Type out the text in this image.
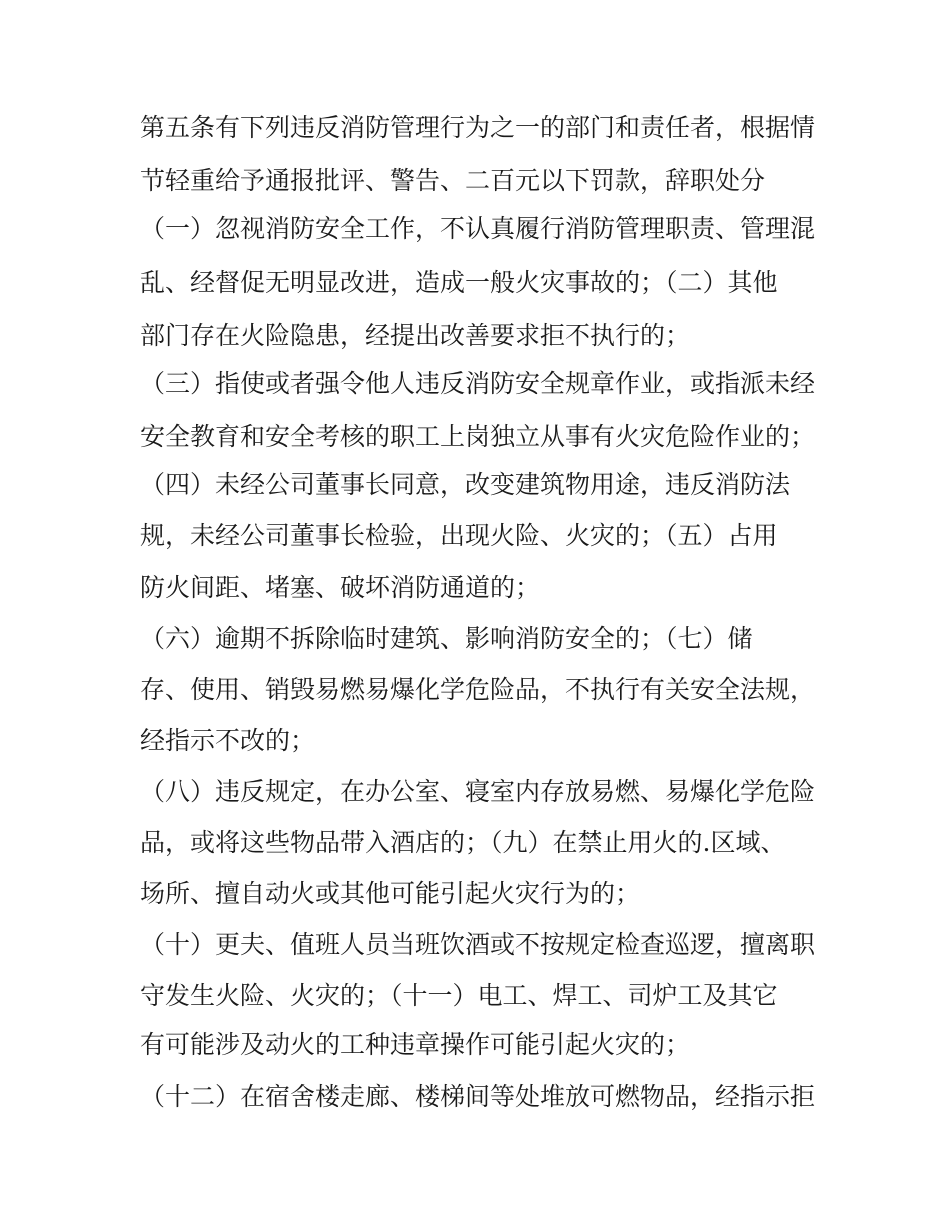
第五条有下列违反消防管理行为之一的部门和责任者，根据情
节轻重给予通报批评、警告、二百元以下罚款，辞职处分
（一）忽视消防安全工作，不认真履行消防管理职责、管理混
乱、经督促无明显改进，造成一般火灾事故的；（二）其他
部门存在火险隐患，经提出改善要求拒不执行的；
（三）指使或者强令他人违反消防安全规章作业，或指派未经
安全教育和安全考核的职工上岗独立从事有火灾危险作业的；
（四）未经公司董事长同意，改变建筑物用途，违反消防法
规，未经公司董事长检验，出现火险、火灾的；（五）占用
防火间距、堵塞、破坏消防通道的；
（六）逾期不拆除临时建筑、影响消防安全的；（七）储
存、使用、销毁易燃易爆化学危险品，不执行有关安全法规，
经指示不改的；
（八）违反规定，在办公室、寝室内存放易燃、易爆化学危险
品，或将这些物品带入酒店的；（九）在禁止用火的.区域、
场所、擅自动火或其他可能引起火灾行为的；
（十）更夫、值班人员当班饮酒或不按规定检查巡逻，擅离职
守发生火险、火灾的；（十一）电工、焊工、司炉工及其它
有可能涉及动火的工种违章操作可能引起火灾的；
（十二）在宿舍楼走廊、楼梯间等处堆放可燃物品，经指示拒
